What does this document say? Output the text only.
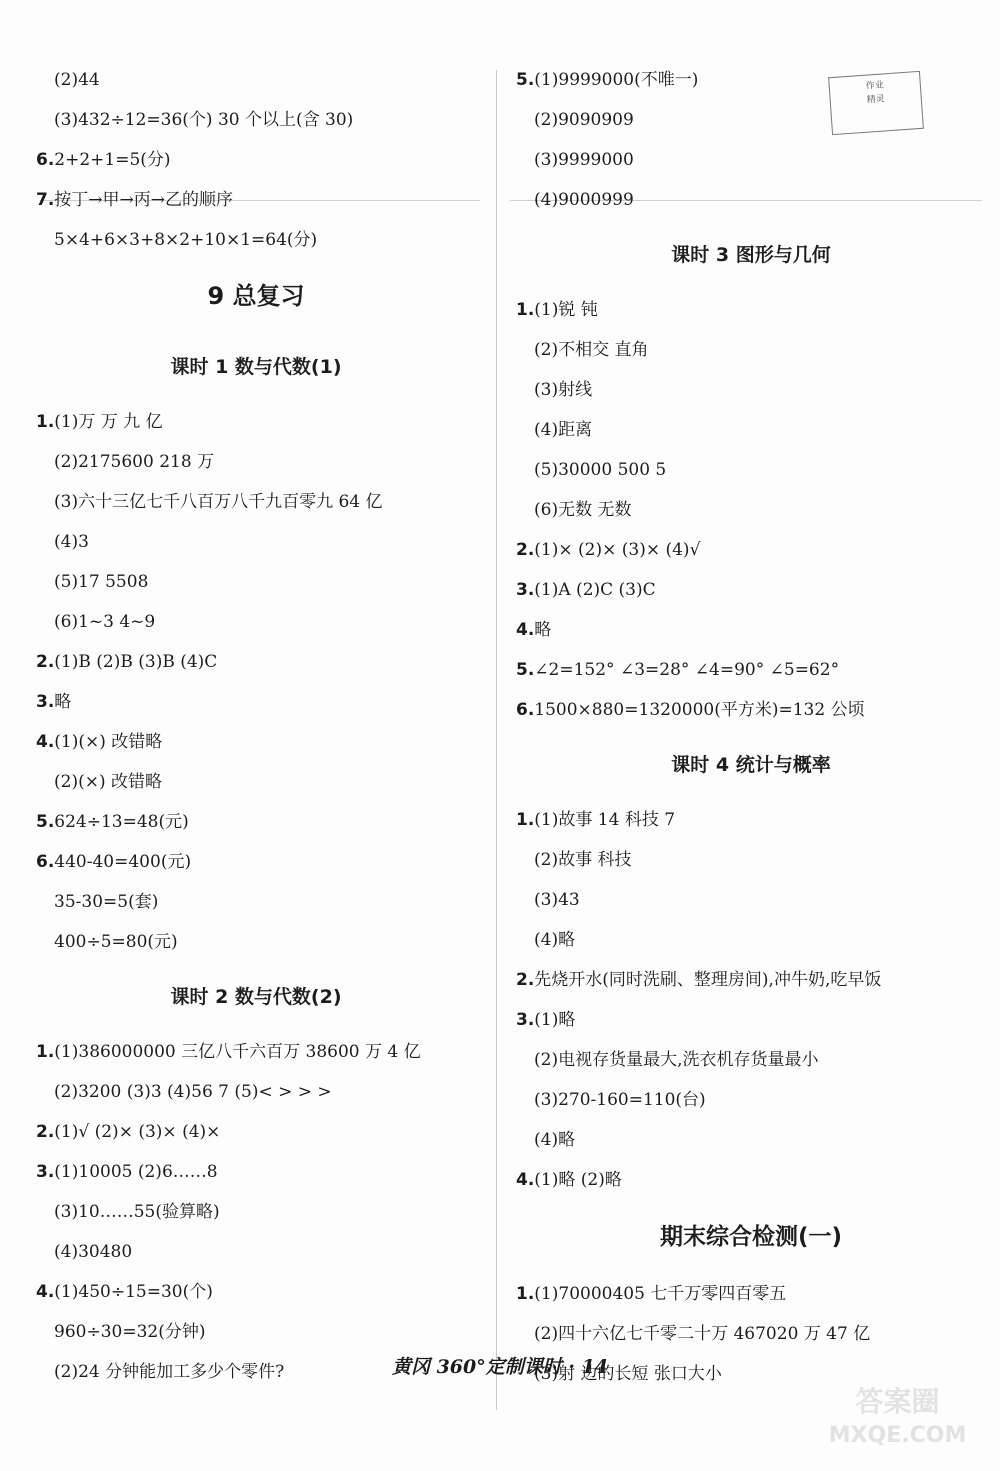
作业
精灵
(2)44
(3)432÷12=36(个) 30 个以上(含 30)
6.2+2+1=5(分)
7.按丁→甲→丙→乙的顺序
5×4+6×3+8×2+10×1=64(分)
9 总复习
课时 1 数与代数(1)
1.(1)万 万 九 亿
(2)2175600 218 万
(3)六十三亿七千八百万八千九百零九 64 亿
(4)3
(5)17 5508
(6)1~3 4~9
2.(1)B (2)B (3)B (4)C
3.略
4.(1)(×) 改错略
(2)(×) 改错略
5.624÷13=48(元)
6.440-40=400(元)
35-30=5(套)
400÷5=80(元)
课时 2 数与代数(2)
1.(1)386000000 三亿八千六百万 38600 万 4 亿
(2)3200 (3)3 (4)56 7 (5)< > > >
2.(1)√ (2)× (3)× (4)×
3.(1)10005 (2)6……8
(3)10……55(验算略)
(4)30480
4.(1)450÷15=30(个)
960÷30=32(分钟)
(2)24 分钟能加工多少个零件?
5.(1)9999000(不唯一)
(2)9090909
(3)9999000
(4)9000999
课时 3 图形与几何
1.(1)锐 钝
(2)不相交 直角
(3)射线
(4)距离
(5)30000 500 5
(6)无数 无数
2.(1)× (2)× (3)× (4)√
3.(1)A (2)C (3)C
4.略
5.∠2=152° ∠3=28° ∠4=90° ∠5=62°
6.1500×880=1320000(平方米)=132 公顷
课时 4 统计与概率
1.(1)故事 14 科技 7
(2)故事 科技
(3)43
(4)略
2.先烧开水(同时洗刷、整理房间),冲牛奶,吃早饭
3.(1)略
(2)电视存货量最大,洗衣机存货量最小
(3)270-160=110(台)
(4)略
4.(1)略 (2)略
期末综合检测(一)
1.(1)70000405 七千万零四百零五
(2)四十六亿七千零二十万 467020 万 47 亿
(3)射 边的长短 张口大小
黄冈 360°定制课时 · 14
答案圈
MXQE.COM
